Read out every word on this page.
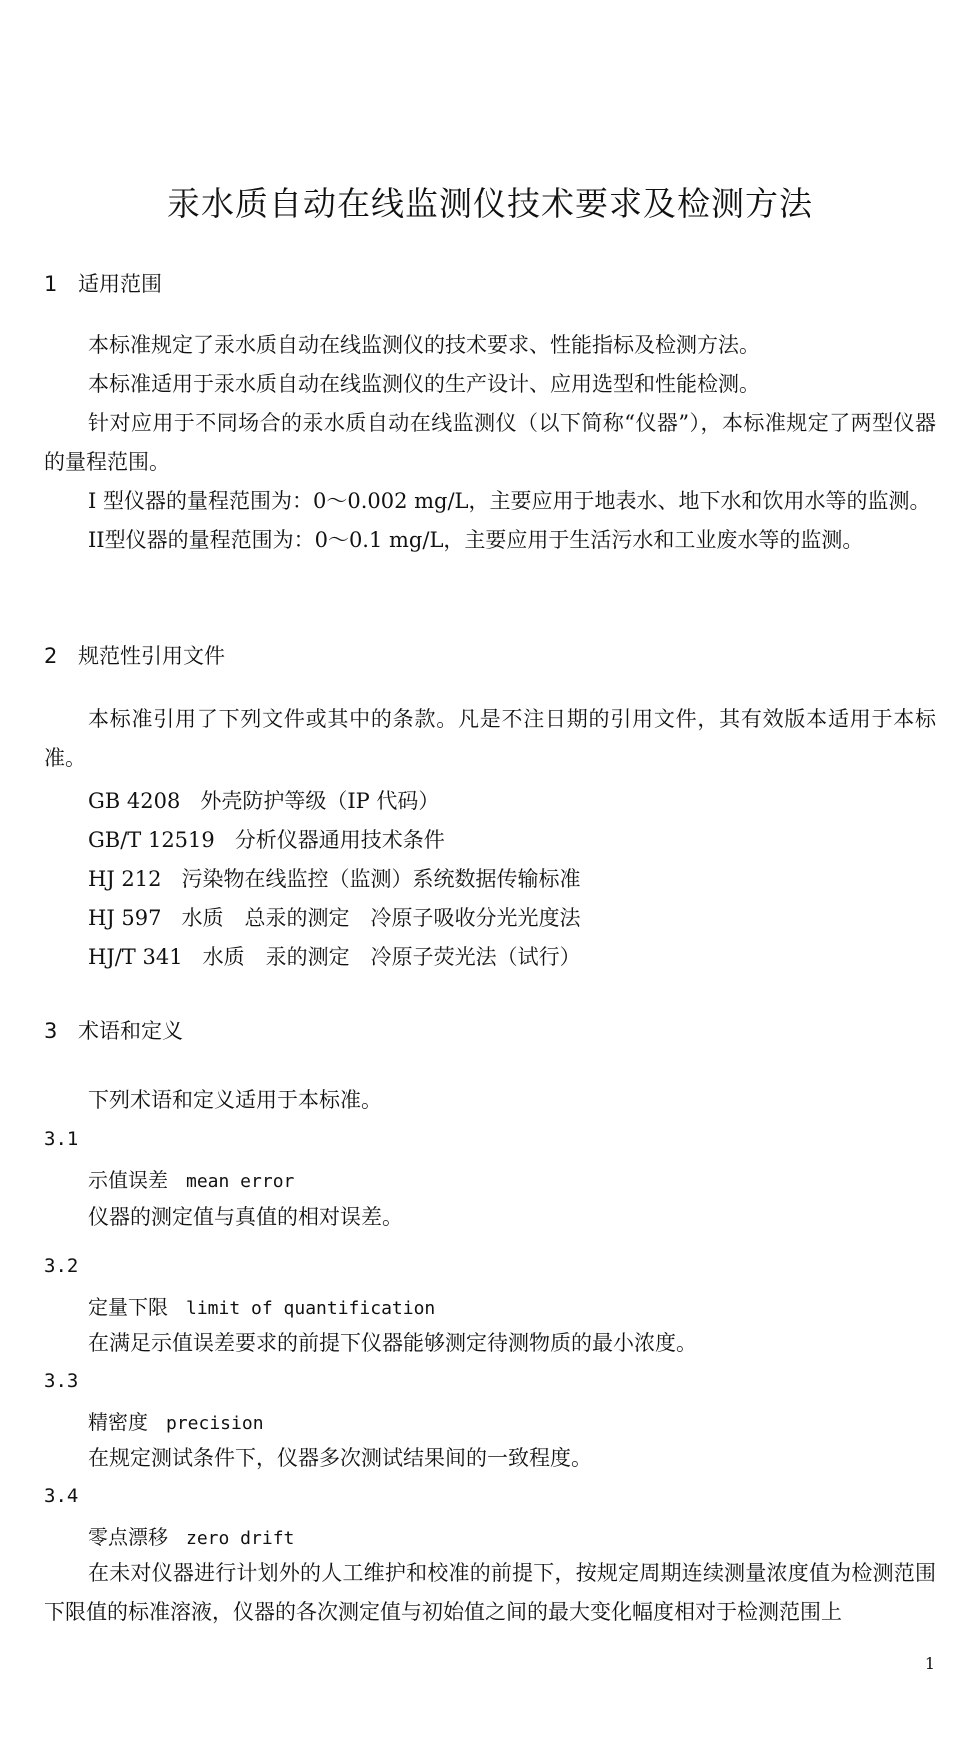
汞水质自动在线监测仪技术要求及检测方法
1 适用范围
本标准规定了汞水质自动在线监测仪的技术要求、性能指标及检测方法。
本标准适用于汞水质自动在线监测仪的生产设计、应用选型和性能检测。
针对应用于不同场合的汞水质自动在线监测仪（以下简称“仪器”），本标准规定了两型仪器的量程范围。
I 型仪器的量程范围为：0～0.002 mg/L，主要应用于地表水、地下水和饮用水等的监测。
II型仪器的量程范围为：0～0.1 mg/L，主要应用于生活污水和工业废水等的监测。
2 规范性引用文件
本标准引用了下列文件或其中的条款。凡是不注日期的引用文件，其有效版本适用于本标准。
GB 4208 外壳防护等级（IP 代码）
GB/T 12519 分析仪器通用技术条件
HJ 212 污染物在线监控（监测）系统数据传输标准
HJ 597 水质　总汞的测定　冷原子吸收分光光度法
HJ/T 341 水质　汞的测定　冷原子荧光法（试行）
3 术语和定义
下列术语和定义适用于本标准。
3.1
示值误差 mean error
仪器的测定值与真值的相对误差。
3.2
定量下限 limit of quantification
在满足示值误差要求的前提下仪器能够测定待测物质的最小浓度。
3.3
精密度 precision
在规定测试条件下，仪器多次测试结果间的一致程度。
3.4
零点漂移 zero drift
在未对仪器进行计划外的人工维护和校准的前提下，按规定周期连续测量浓度值为检测范围下限值的标准溶液，仪器的各次测定值与初始值之间的最大变化幅度相对于检测范围上
1
